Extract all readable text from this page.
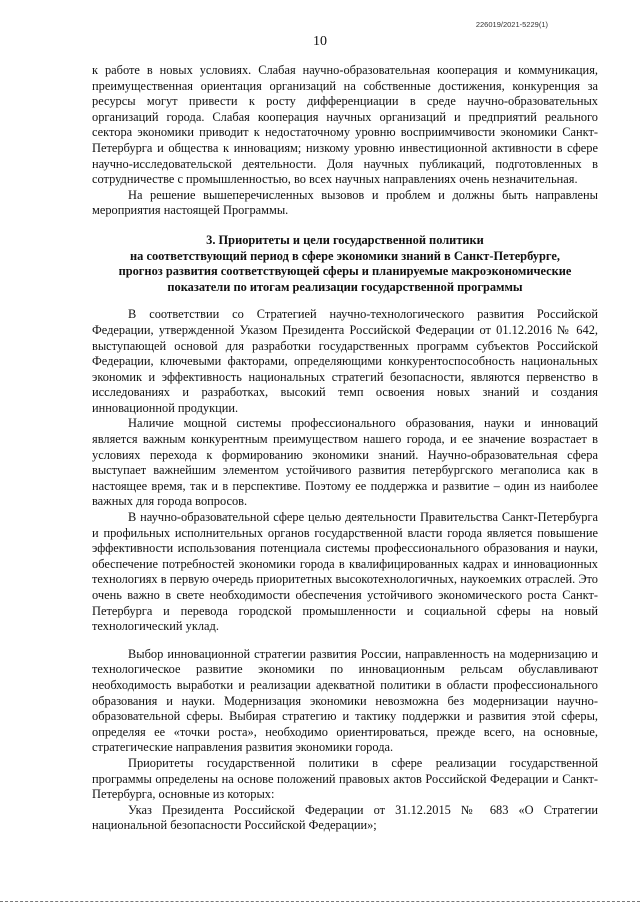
226019/2021-5229(1)
10

к работе в новых условиях. Слабая научно-образовательная кооперация и коммуникация, преимущественная ориентация организаций на собственные достижения, конкуренция за ресурсы могут привести к росту дифференциации в среде научно-образовательных организаций города. Слабая кооперация научных организаций и предприятий реального сектора экономики приводит к недостаточному уровню восприимчивости экономики Санкт-Петербурга и общества к инновациям; низкому уровню инвестиционной активности в сфере научно-исследовательской деятельности. Доля научных публикаций, подготовленных в сотрудничестве с промышленностью, во всех научных направлениях очень незначительная.

На решение вышеперечисленных вызовов и проблем и должны быть направлены мероприятия настоящей Программы.

3. Приоритеты и цели государственной политики
на соответствующий период в сфере экономики знаний в Санкт-Петербурге,
прогноз развития соответствующей сферы и планируемые макроэкономические
показатели по итогам реализации государственной программы

В соответствии со Стратегией научно-технологического развития Российской Федерации, утвержденной Указом Президента Российской Федерации от 01.12.2016 № 642, выступающей основой для разработки государственных программ субъектов Российской Федерации, ключевыми факторами, определяющими конкурентоспособность национальных экономик и эффективность национальных стратегий безопасности, являются первенство в исследованиях и разработках, высокий темп освоения новых знаний и создания инновационной продукции.

Наличие мощной системы профессионального образования, науки и инноваций является важным конкурентным преимуществом нашего города, и ее значение возрастает в условиях перехода к формированию экономики знаний. Научно-образовательная сфера выступает важнейшим элементом устойчивого развития петербургского мегаполиса как в настоящее время, так и в перспективе. Поэтому ее поддержка и развитие – один из наиболее важных для города вопросов.

В научно-образовательной сфере целью деятельности Правительства Санкт-Петербурга и профильных исполнительных органов государственной власти города является повышение эффективности использования потенциала системы профессионального образования и науки, обеспечение потребностей экономики города в квалифицированных кадрах и инновационных технологиях в первую очередь приоритетных высокотехнологичных, наукоемких отраслей. Это очень важно в свете необходимости обеспечения устойчивого экономического роста Санкт-Петербурга и перевода городской промышленности и социальной сферы на новый технологический уклад.

Выбор инновационной стратегии развития России, направленность на модернизацию и технологическое развитие экономики по инновационным рельсам обуславливают необходимость выработки и реализации адекватной политики в области профессионального образования и науки. Модернизация экономики невозможна без модернизации научно-образовательной сферы. Выбирая стратегию и тактику поддержки и развития этой сферы, определяя ее «точки роста», необходимо ориентироваться, прежде всего, на основные, стратегические направления развития экономики города.

Приоритеты государственной политики в сфере реализации государственной программы определены на основе положений правовых актов Российской Федерации и Санкт-Петербурга, основные из которых:

Указ Президента Российской Федерации от 31.12.2015 № 683 «О Стратегии национальной безопасности Российской Федерации»;
